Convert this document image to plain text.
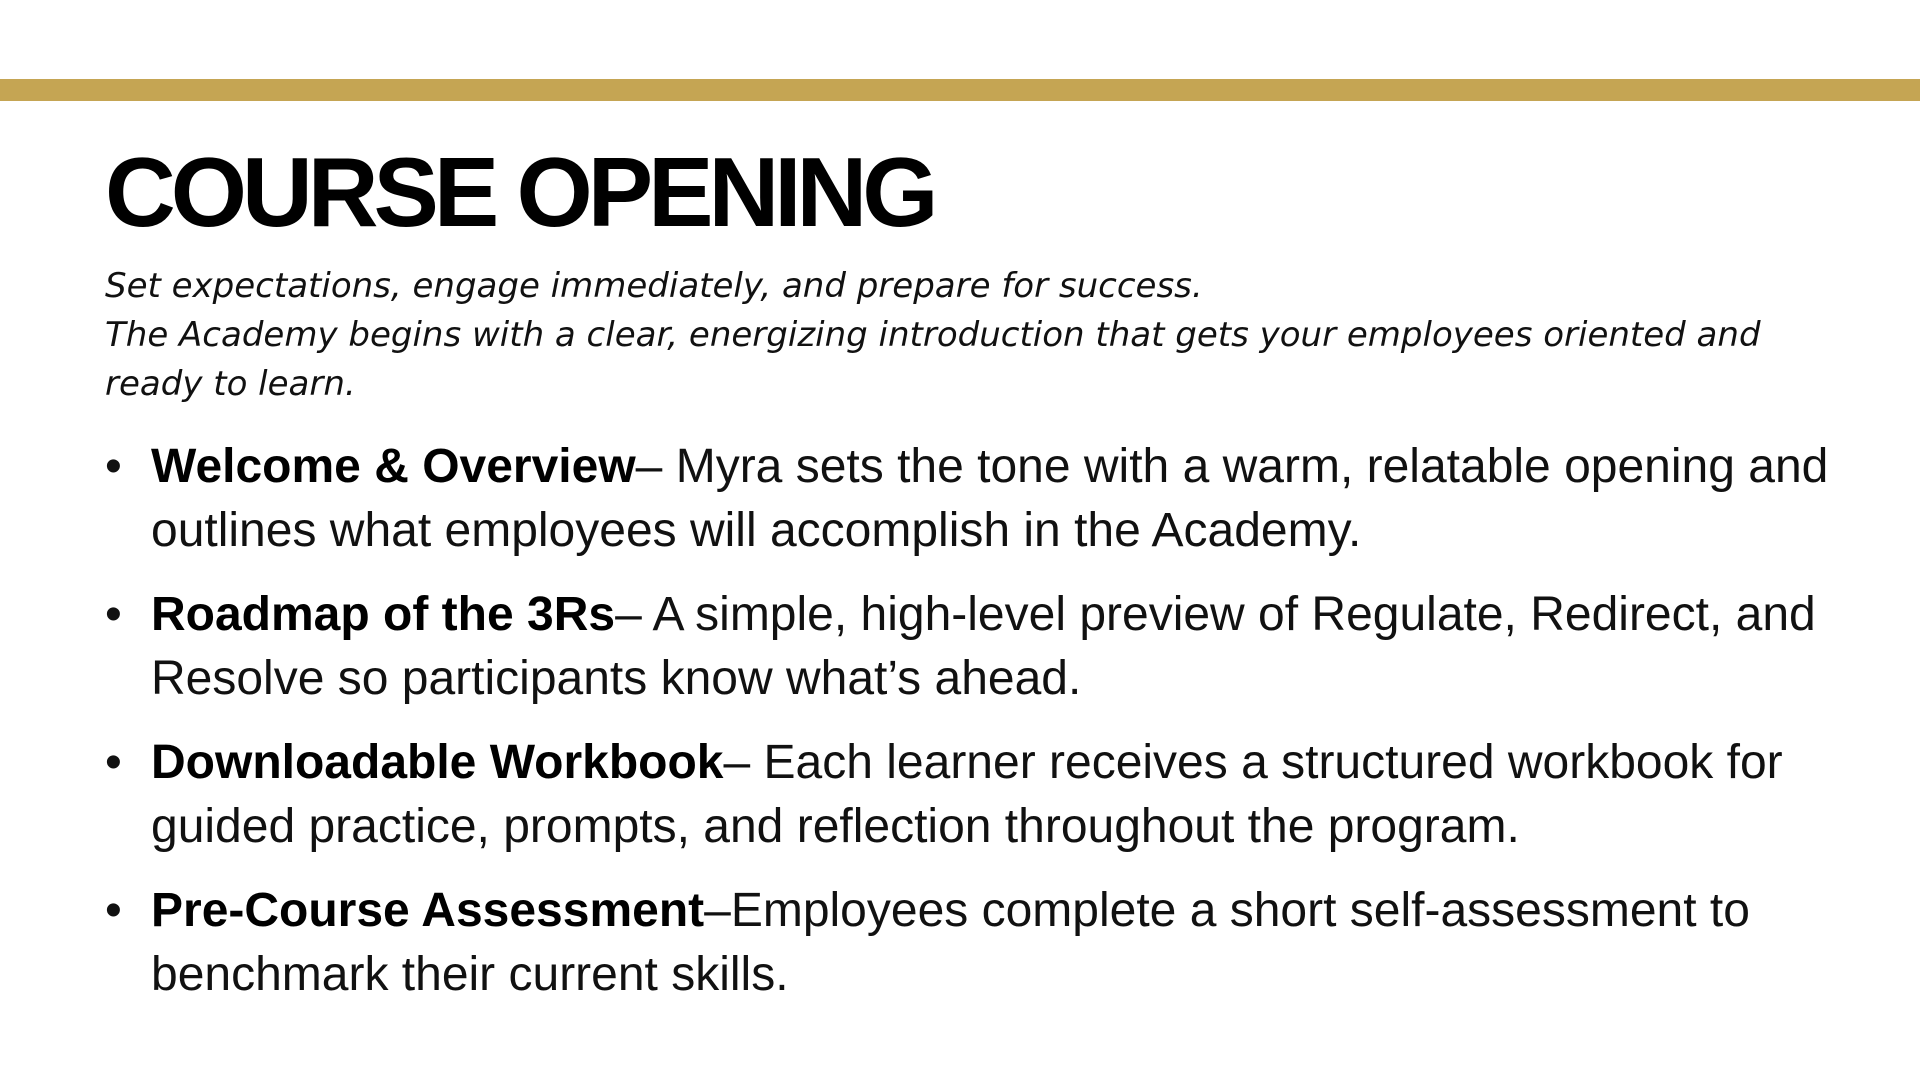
COURSE OPENING

Set expectations, engage immediately, and prepare for success.

The Academy begins with a clear, energizing introduction that gets your employees oriented and ready to learn.

• Welcome & Overview– Myra sets the tone with a warm, relatable opening and outlines what employees will accomplish in the Academy.
• Roadmap of the 3Rs– A simple, high-level preview of Regulate, Redirect, and Resolve so participants know what’s ahead.
• Downloadable Workbook– Each learner receives a structured workbook for guided practice, prompts, and reflection throughout the program.
• Pre-Course Assessment–Employees complete a short self-assessment to benchmark their current skills.
